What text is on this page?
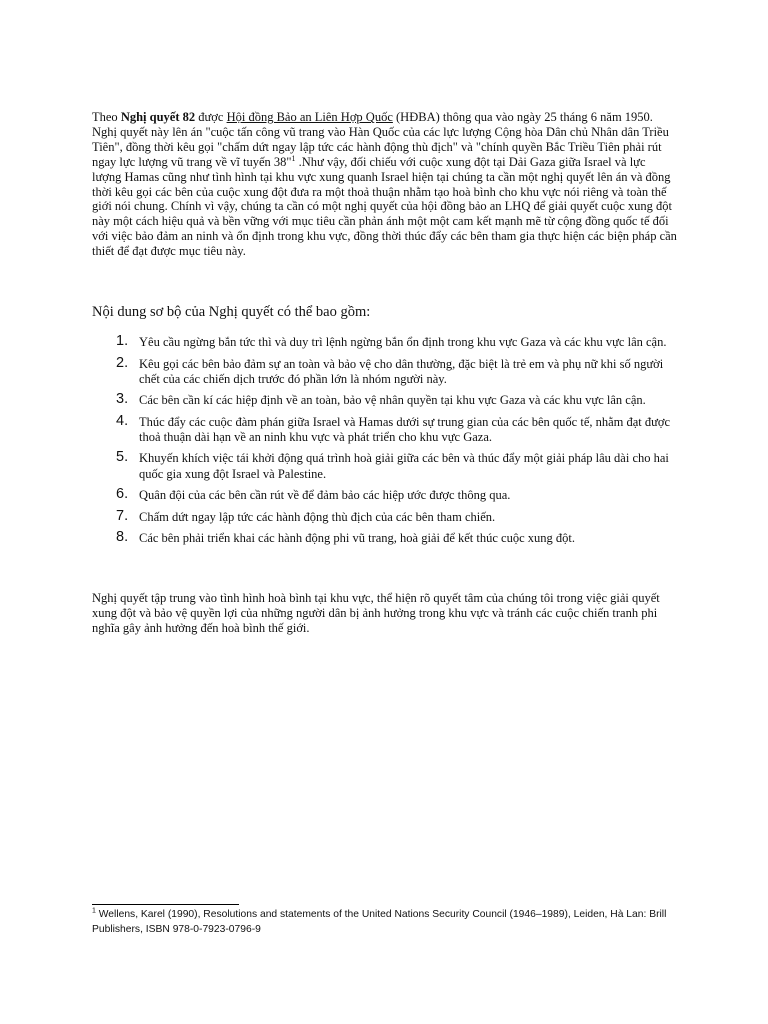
Theo Nghị quyết 82 được Hội đồng Bảo an Liên Hợp Quốc (HĐBA) thông qua vào ngày 25 tháng 6 năm 1950. Nghị quyết này lên án "cuộc tấn công vũ trang vào Hàn Quốc của các lực lượng Cộng hòa Dân chủ Nhân dân Triều Tiên", đồng thời kêu gọi "chấm dứt ngay lập tức các hành động thù địch" và "chính quyền Bắc Triều Tiên phải rút ngay lực lượng vũ trang về vĩ tuyến 38"$^1$ .Như vậy, đối chiếu với cuộc xung đột tại Dải Gaza giữa Israel và lực lượng Hamas cũng như tình hình tại khu vực xung quanh Israel hiện tại chúng ta cần một nghị quyết lên án và đồng thời kêu gọi các bên của cuộc xung đột đưa ra một thoả thuận nhằm tạo hoà bình cho khu vực nói riêng và toàn thế giới nói chung. Chính vì vậy, chúng ta cần có một nghị quyết của hội đồng bảo an LHQ để giải quyết cuộc xung đột này một cách hiệu quả và bền vững với mục tiêu cần phản ánh một một cam kết mạnh mẽ từ cộng đồng quốc tế đối với việc bảo đảm an ninh và ổn định trong khu vực, đồng thời thúc đẩy các bên tham gia thực hiện các biện pháp cần thiết để đạt được mục tiêu này.

Nội dung sơ bộ của Nghị quyết có thể bao gồm:

1. Yêu cầu ngừng bắn tức thì và duy trì lệnh ngừng bắn ổn định trong khu vực Gaza và các khu vực lân cận.
2. Kêu gọi các bên bảo đảm sự an toàn và bảo vệ cho dân thường, đặc biệt là trẻ em và phụ nữ khi số người chết của các chiến dịch trước đó phần lớn là nhóm người này.
3. Các bên cần kí các hiệp định về an toàn, bảo vệ nhân quyền tại khu vực Gaza và các khu vực lân cận.
4. Thúc đẩy các cuộc đàm phán giữa Israel và Hamas dưới sự trung gian của các bên quốc tế, nhằm đạt được thoả thuận dài hạn về an ninh khu vực và phát triển cho khu vực Gaza.
5. Khuyến khích việc tái khởi động quá trình hoà giải giữa các bên và thúc đẩy một giải pháp lâu dài cho hai quốc gia xung đột Israel và Palestine.
6. Quân đội của các bên cần rút về để đảm bảo các hiệp ước được thông qua.
7. Chấm dứt ngay lập tức các hành động thù địch của các bên tham chiến.
8. Các bên phải triển khai các hành động phi vũ trang, hoà giải để kết thúc cuộc xung đột.

Nghị quyết tập trung vào tình hình hoà bình tại khu vực, thể hiện rõ quyết tâm của chúng tôi trong việc giải quyết xung đột và bảo vệ quyền lợi của những người dân bị ảnh hưởng trong khu vực và tránh các cuộc chiến tranh phi nghĩa gây ảnh hưởng đến hoà bình thế giới.

$^1$ Wellens, Karel (1990), Resolutions and statements of the United Nations Security Council (1946–1989), Leiden, Hà Lan: Brill Publishers, ISBN 978-0-7923-0796-9
